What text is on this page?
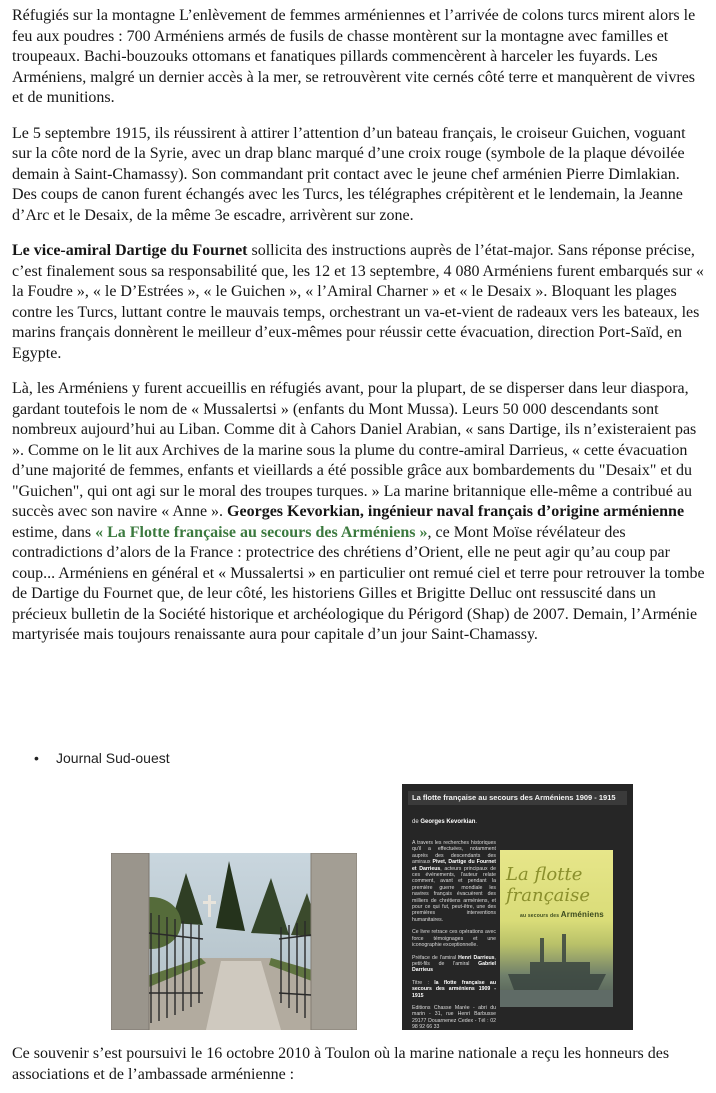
Réfugiés sur la montagne L’enlèvement de femmes arméniennes et l’arrivée de colons turcs mirent alors le feu aux poudres : 700 Arméniens armés de fusils de chasse montèrent sur la montagne avec familles et troupeaux. Bachi-bouzouks ottomans et fanatiques pillards commencèrent à harceler les fuyards. Les Arméniens, malgré un dernier accès à la mer, se retrouvèrent vite cernés côté terre et manquèrent de vivres et de munitions.

Le 5 septembre 1915, ils réussirent à attirer l’attention d’un bateau français, le croiseur Guichen, voguant sur la côte nord de la Syrie, avec un drap blanc marqué d’une croix rouge (symbole de la plaque dévoilée demain à Saint-Chamassy). Son commandant prit contact avec le jeune chef arménien Pierre Dimlakian. Des coups de canon furent échangés avec les Turcs, les télégraphes crépitèrent et le lendemain, la Jeanne d’Arc et le Desaix, de la même 3e escadre, arrivèrent sur zone.

Le vice-amiral Dartige du Fournet sollicita des instructions auprès de l’état-major. Sans réponse précise, c’est finalement sous sa responsabilité que, les 12 et 13 septembre, 4 080 Arméniens furent embarqués sur « la Foudre », « le D’Estrées », « le Guichen », « l’Amiral Charner » et « le Desaix ». Bloquant les plages contre les Turcs, luttant contre le mauvais temps, orchestrant un va-et-vient de radeaux vers les bateaux, les marins français donnèrent le meilleur d’eux-mêmes pour réussir cette évacuation, direction Port-Saïd, en Egypte.

Là, les Arméniens y furent accueillis en réfugiés avant, pour la plupart, de se disperser dans leur diaspora, gardant toutefois le nom de « Mussalertsi » (enfants du Mont Mussa). Leurs 50 000 descendants sont nombreux aujourd’hui au Liban. Comme dit à Cahors Daniel Arabian, « sans Dartige, ils n’existeraient pas ». Comme on le lit aux Archives de la marine sous la plume du contre-amiral Darrieus, « cette évacuation d’une majorité de femmes, enfants et vieillards a été possible grâce aux bombardements du "Desaix" et du "Guichen", qui ont agi sur le moral des troupes turques. » La marine britannique elle-même a contribué au succès avec son navire « Anne ». Georges Kevorkian, ingénieur naval français d’origine arménienne estime, dans « La Flotte française au secours des Arméniens », ce Mont Moïse révélateur des contradictions d’alors de la France : protectrice des chrétiens d’Orient, elle ne peut agir qu’au coup par coup... Arméniens en général et « Mussalertsi » en particulier ont remué ciel et terre pour retrouver la tombe de Dartige du Fournet que, de leur côté, les historiens Gilles et Brigitte Delluc ont ressuscité dans un précieux bulletin de la Société historique et archéologique du Périgord (Shap) de 2007. Demain, l’Arménie martyrisée mais toujours renaissante aura pour capitale d’un jour Saint-Chamassy.

• Journal Sud-ouest
La flotte française au secours des Arméniens 1909 - 1915
de Georges Kevorkian.
A travers les recherches historiques qu'il a effectuées, notamment auprès des descendants des amiraux Pivet, Dartige du Fournet et Darrieus, acteurs principaux de ces événements, l'auteur relate comment, avant et pendant la première guerre mondiale les navires français évacuèrent des milliers de chrétiens arméniens, et pour ce qui fut, peut-être, une des premières interventions humanitaires.
Ce livre retrace ces opérations avec force témoignages et une iconographie exceptionnelle.
Préface de l'amiral Henri Darrieus, petit-fils de l'amiral Gabriel Darrieus
Titre : la flotte française au secours des arméniens 1909 - 1915
Editions Chasse Marée - abri du marin - 31, rue Henri Barbusse 29177 Douarnenez Cedex - Tél : 02 98 92 66 33
La flotte française
au secours des Arméniens

Ce souvenir s’est poursuivi le 16 octobre 2010 à Toulon où la marine nationale a reçu les honneurs des associations et de l’ambassade arménienne :
